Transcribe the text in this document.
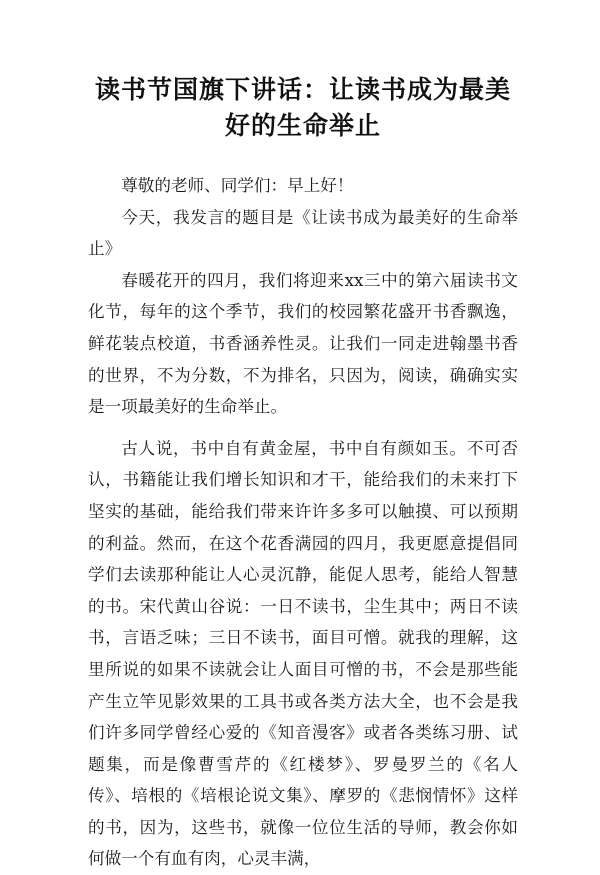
读书节国旗下讲话：让读书成为最美好的生命举止

尊敬的老师、同学们：早上好！

今天，我发言的题目是《让读书成为最美好的生命举止》

春暖花开的四月，我们将迎来xx三中的第六届读书文化节，每年的这个季节，我们的校园繁花盛开书香飘逸，鲜花装点校道，书香涵养性灵。让我们一同走进翰墨书香的世界，不为分数，不为排名，只因为，阅读，确确实实是一项最美好的生命举止。

古人说，书中自有黄金屋，书中自有颜如玉。不可否认，书籍能让我们增长知识和才干，能给我们的未来打下坚实的基础，能给我们带来许许多多可以触摸、可以预期的利益。然而，在这个花香满园的四月，我更愿意提倡同学们去读那种能让人心灵沉静，能促人思考，能给人智慧的书。宋代黄山谷说：一日不读书，尘生其中；两日不读书，言语乏味；三日不读书，面目可憎。就我的理解，这里所说的如果不读就会让人面目可憎的书，不会是那些能产生立竿见影效果的工具书或各类方法大全，也不会是我们许多同学曾经心爱的《知音漫客》或者各类练习册、试题集，而是像曹雪芹的《红楼梦》、罗曼罗兰的《名人传》、培根的《培根论说文集》、摩罗的《悲悯情怀》这样的书，因为，这些书，就像一位位生活的导师，教会你如何做一个有血有肉，心灵丰满，
